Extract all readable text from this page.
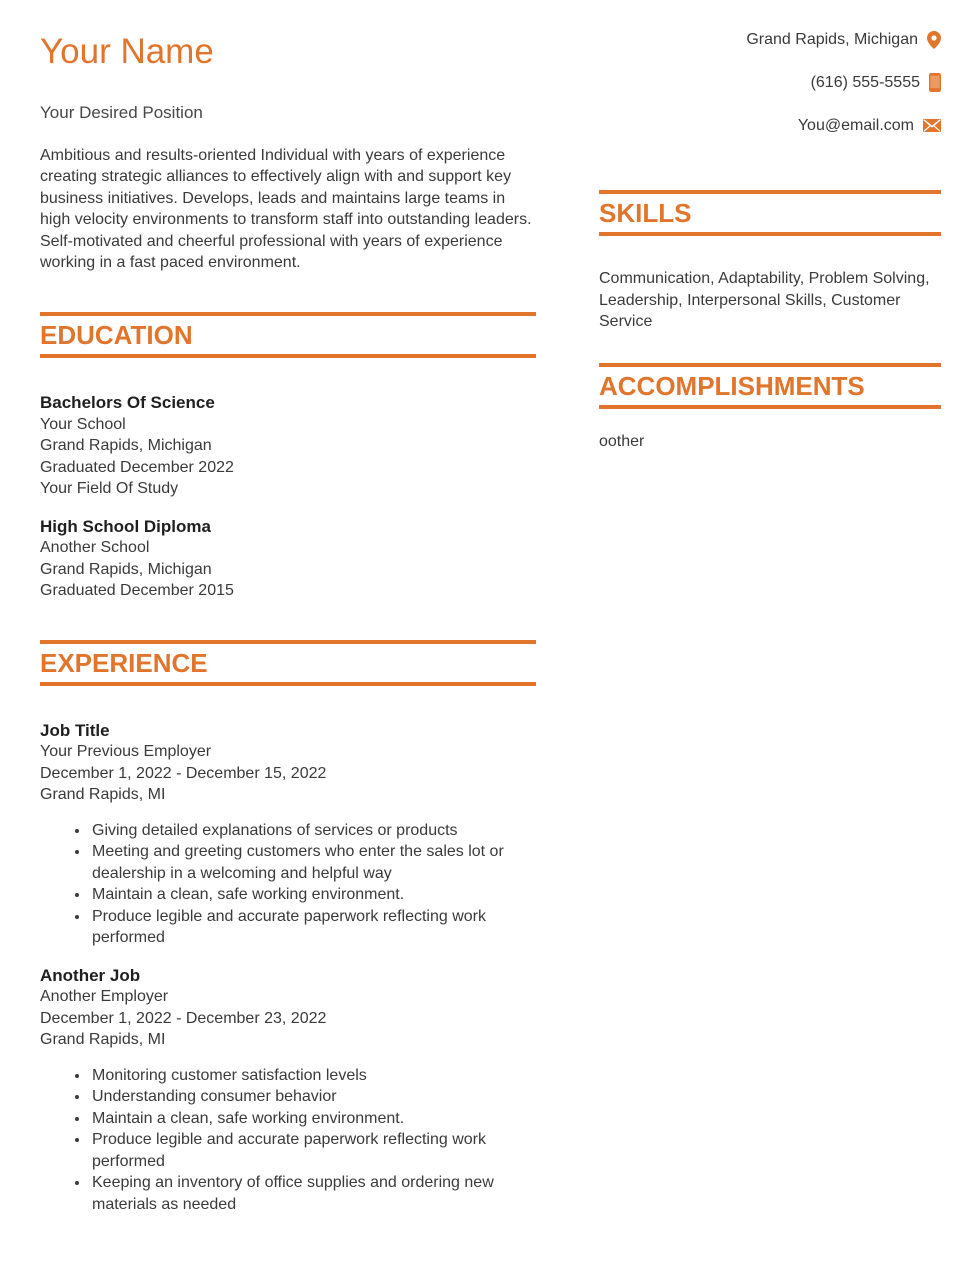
Your Name
Your Desired Position

Ambitious and results-oriented Individual with years of experience creating strategic alliances to effectively align with and support key business initiatives. Develops, leads and maintains large teams in high velocity environments to transform staff into outstanding leaders. Self-motivated and cheerful professional with years of experience working in a fast paced environment.

EDUCATION
Bachelors Of Science
Your School
Grand Rapids, Michigan
Graduated December 2022
Your Field Of Study
High School Diploma
Another School
Grand Rapids, Michigan
Graduated December 2015
EXPERIENCE
Job Title
Your Previous Employer
December 1, 2022 - December 15, 2022
Grand Rapids, MI
• Giving detailed explanations of services or products
• Meeting and greeting customers who enter the sales lot or dealership in a welcoming and helpful way
• Maintain a clean, safe working environment.
• Produce legible and accurate paperwork reflecting work performed
Another Job
Another Employer
December 1, 2022 - December 23, 2022
Grand Rapids, MI
• Monitoring customer satisfaction levels
• Understanding consumer behavior
• Maintain a clean, safe working environment.
• Produce legible and accurate paperwork reflecting work performed
• Keeping an inventory of office supplies and ordering new materials as needed
Grand Rapids, Michigan
(616) 555-5555
You@email.com
SKILLS
Communication, Adaptability, Problem Solving, Leadership, Interpersonal Skills, Customer Service
ACCOMPLISHMENTS
oother
